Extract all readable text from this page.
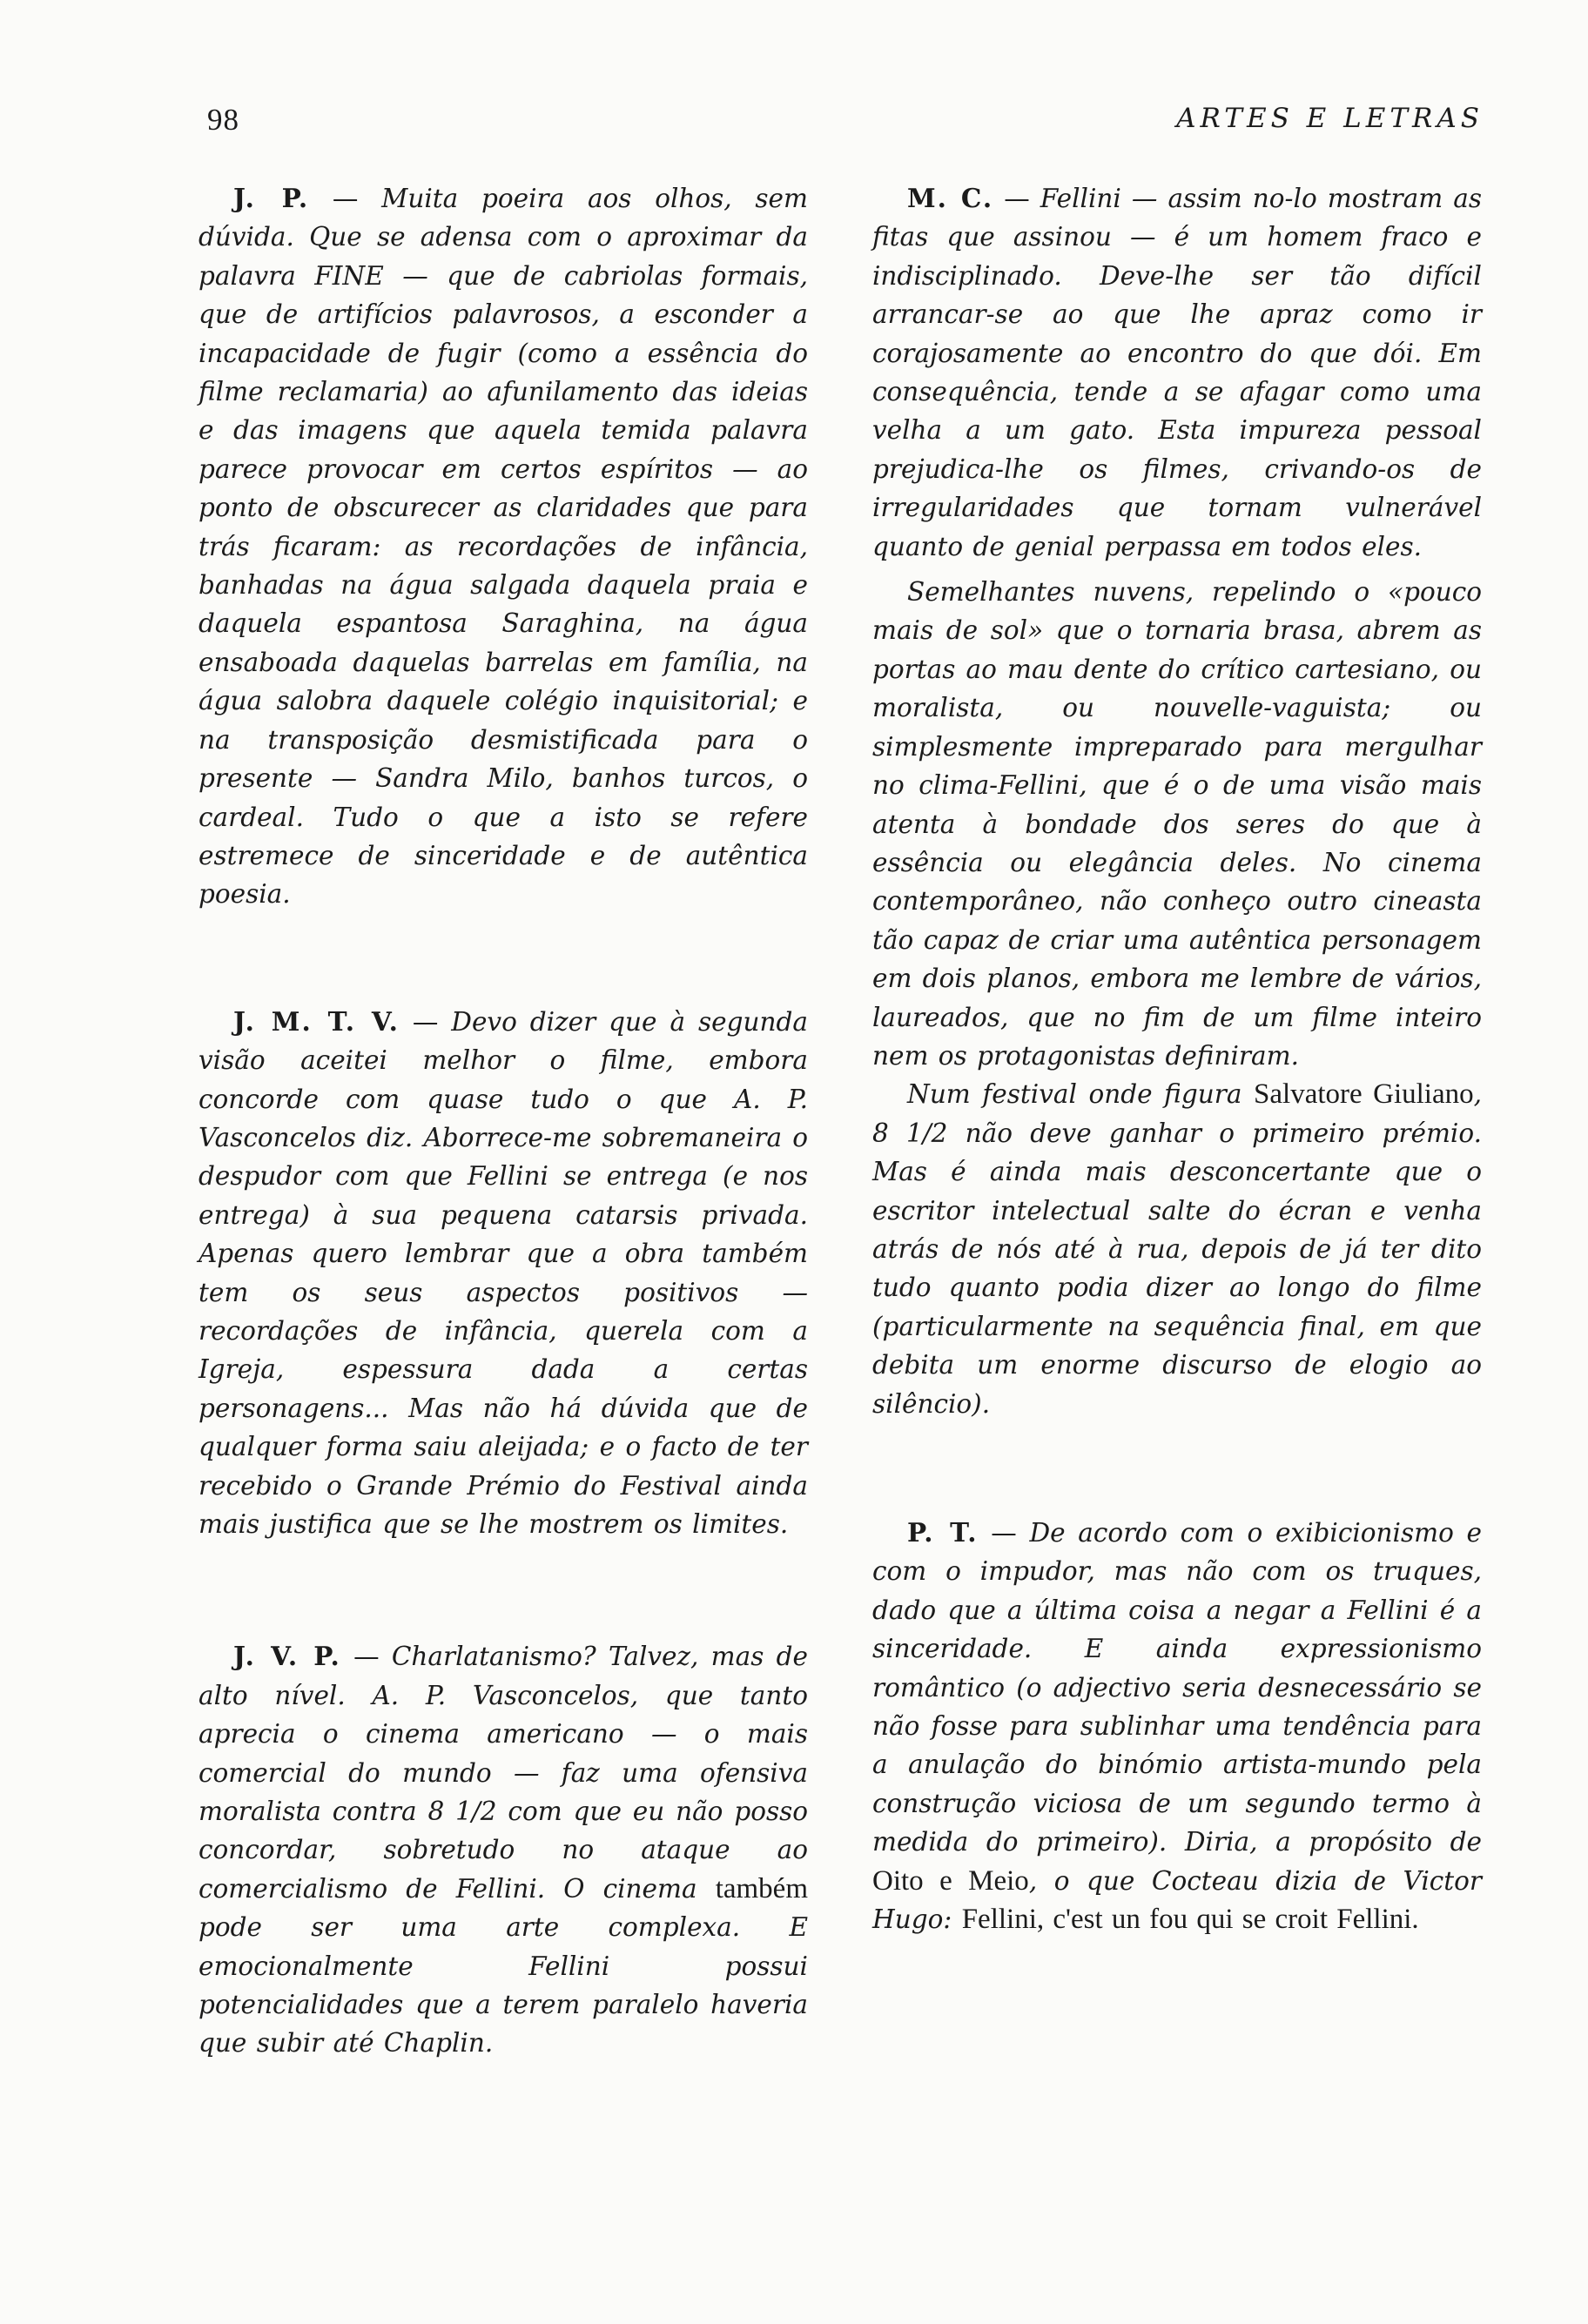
98	ARTES E LETRAS

J. P. — Muita poeira aos olhos, sem dúvida. Que se adensa com o aproximar da palavra FINE — que de cabriolas formais, que de artifícios palavrosos, a esconder a incapacidade de fugir (como a essência do filme reclamaria) ao afunilamento das ideias e das imagens que aquela temida palavra parece provocar em certos espíritos — ao ponto de obscurecer as claridades que para trás ficaram: as recordações de infância, banhadas na água salgada daquela praia e daquela espantosa Saraghina, na água ensaboada daquelas barrelas em família, na água salobra daquele colégio inquisitorial; e na transposição desmistificada para o presente — Sandra Milo, banhos turcos, o cardeal. Tudo o que a isto se refere estremece de sinceridade e de autêntica poesia.

J. M. T. V. — Devo dizer que à segunda visão aceitei melhor o filme, embora concorde com quase tudo o que A. P. Vasconcelos diz. Aborrece-me sobremaneira o despudor com que Fellini se entrega (e nos entrega) à sua pequena catarsis privada. Apenas quero lembrar que a obra também tem os seus aspectos positivos — recordações de infância, querela com a Igreja, espessura dada a certas personagens... Mas não há dúvida que de qualquer forma saiu aleijada; e o facto de ter recebido o Grande Prémio do Festival ainda mais justifica que se lhe mostrem os limites.

J. V. P. — Charlatanismo? Talvez, mas de alto nível. A. P. Vasconcelos, que tanto aprecia o cinema americano — o mais comercial do mundo — faz uma ofensiva moralista contra 8 1/2 com que eu não posso concordar, sobretudo no ataque ao comercialismo de Fellini. O cinema também pode ser uma arte complexa. E emocionalmente Fellini possui potencialidades que a terem paralelo haveria que subir até Chaplin.

M. C. — Fellini — assim no-lo mostram as fitas que assinou — é um homem fraco e indisciplinado. Deve-lhe ser tão difícil arrancar-se ao que lhe apraz como ir corajosamente ao encontro do que dói. Em consequência, tende a se afagar como uma velha a um gato. Esta impureza pessoal prejudica-lhe os filmes, crivando-os de irregularidades que tornam vulnerável quanto de genial perpassa em todos eles.

Semelhantes nuvens, repelindo o «pouco mais de sol» que o tornaria brasa, abrem as portas ao mau dente do crítico cartesiano, ou moralista, ou nouvelle-vaguista; ou simplesmente impreparado para mergulhar no clima-Fellini, que é o de uma visão mais atenta à bondade dos seres do que à essência ou elegância deles. No cinema contemporâneo, não conheço outro cineasta tão capaz de criar uma autêntica personagem em dois planos, embora me lembre de vários, laureados, que no fim de um filme inteiro nem os protagonistas definiram.

Num festival onde figura Salvatore Giuliano, 8 1/2 não deve ganhar o primeiro prémio. Mas é ainda mais desconcertante que o escritor intelectual salte do écran e venha atrás de nós até à rua, depois de já ter dito tudo quanto podia dizer ao longo do filme (particularmente na sequência final, em que debita um enorme discurso de elogio ao silêncio).

P. T. — De acordo com o exibicionismo e com o impudor, mas não com os truques, dado que a última coisa a negar a Fellini é a sinceridade. E ainda expressionismo romântico (o adjectivo seria desnecessário se não fosse para sublinhar uma tendência para a anulação do binómio artista-mundo pela construção viciosa de um segundo termo à medida do primeiro). Diria, a propósito de Oito e Meio, o que Cocteau dizia de Victor Hugo: Fellini, c'est un fou qui se croit Fellini.
